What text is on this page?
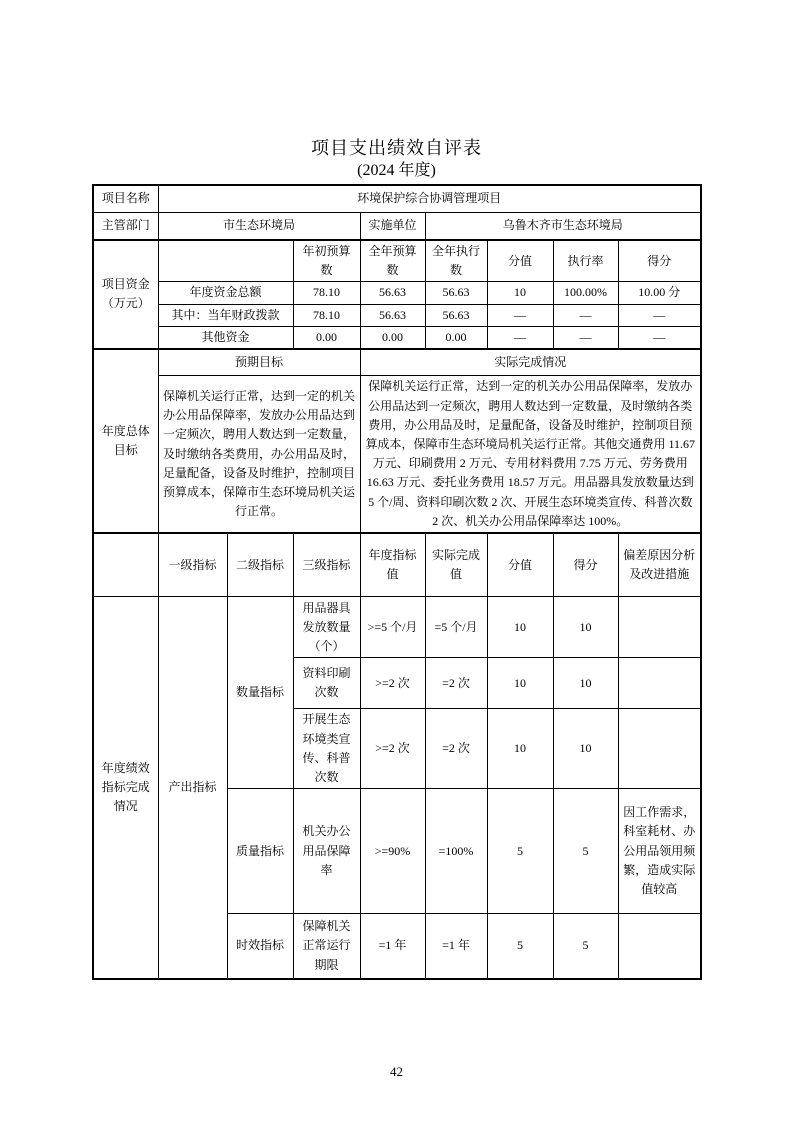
项目支出绩效自评表
(2024 年度)
项目名称	环境保护综合协调管理项目							
主管部门	市生态环境局			实施单位	乌鲁木齐市生态环境局			
项目资金（万元）			年初预算数	全年预算数	全年执行数	分值	执行率	得分
	年度资金总额		78.10	56.63	56.63	10	100.00%	10.00 分
	其中：当年财政拨款		78.10	56.63	56.63	—	—	—
	其他资金		0.00	0.00	0.00	—	—	—
年度总体目标	预期目标			实际完成情况				
	保障机关运行正常，达到一定的机关办公用品保障率，发放办公用品达到一定频次，聘用人数达到一定数量，及时缴纳各类费用，办公用品及时，足量配备，设备及时维护，控制项目预算成本，保障市生态环境局机关运行正常。			保障机关运行正常，达到一定的机关办公用品保障率，发放办公用品达到一定频次，聘用人数达到一定数量，及时缴纳各类费用，办公用品及时，足量配备，设备及时维护，控制项目预算成本，保障市生态环境局机关运行正常。其他交通费用 11.67 万元、印刷费用 2 万元、专用材料费用 7.75 万元、劳务费用 16.63 万元、委托业务费用 18.57 万元。用品器具发放数量达到 5 个/周、资料印刷次数 2 次、开展生态环境类宣传、科普次数 2 次、机关办公用品保障率达 100%。				
	一级指标	二级指标	三级指标	年度指标值	实际完成值	分值	得分	偏差原因分析及改进措施
年度绩效指标完成情况	产出指标	数量指标	用品器具发放数量（个）	>=5 个/月	=5 个/月	10	10	
			资料印刷次数	>=2 次	=2 次	10	10	
			开展生态环境类宣传、科普次数	>=2 次	=2 次	10	10	
		质量指标	机关办公用品保障率	>=90%	=100%	5	5	因工作需求，科室耗材、办公用品领用频繁，造成实际值较高
		时效指标	保障机关正常运行期限	=1 年	=1 年	5	5	
42
